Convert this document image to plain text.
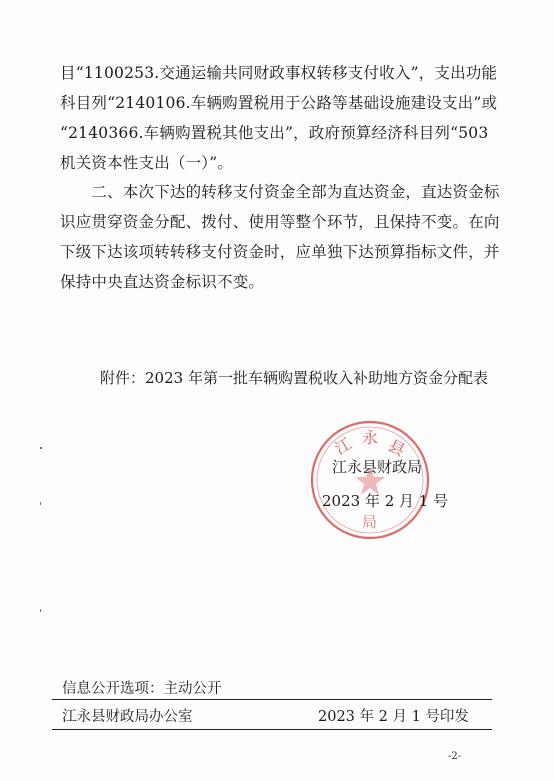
目“1100253.交通运输共同财政事权转移支付收入”，支出功能
科目列“2140106.车辆购置税用于公路等基础设施建设支出”或
“2140366.车辆购置税其他支出”，政府预算经济科目列“503
机关资本性支出（一）”。
　　二、本次下达的转移支付资金全部为直达资金，直达资金标
识应贯穿资金分配、拨付、使用等整个环节，且保持不变。在向
下级下达该项转转移支付资金时，应单独下达预算指标文件，并
保持中央直达资金标识不变。
附件：2023 年第一批车辆购置税收入补助地方资金分配表
江 永 县
局
江永县财政局
2023 年 2 月 1 号
信息公开选项：主动公开
江永县财政局办公室	2023 年 2 月 1 号印发
-2-
